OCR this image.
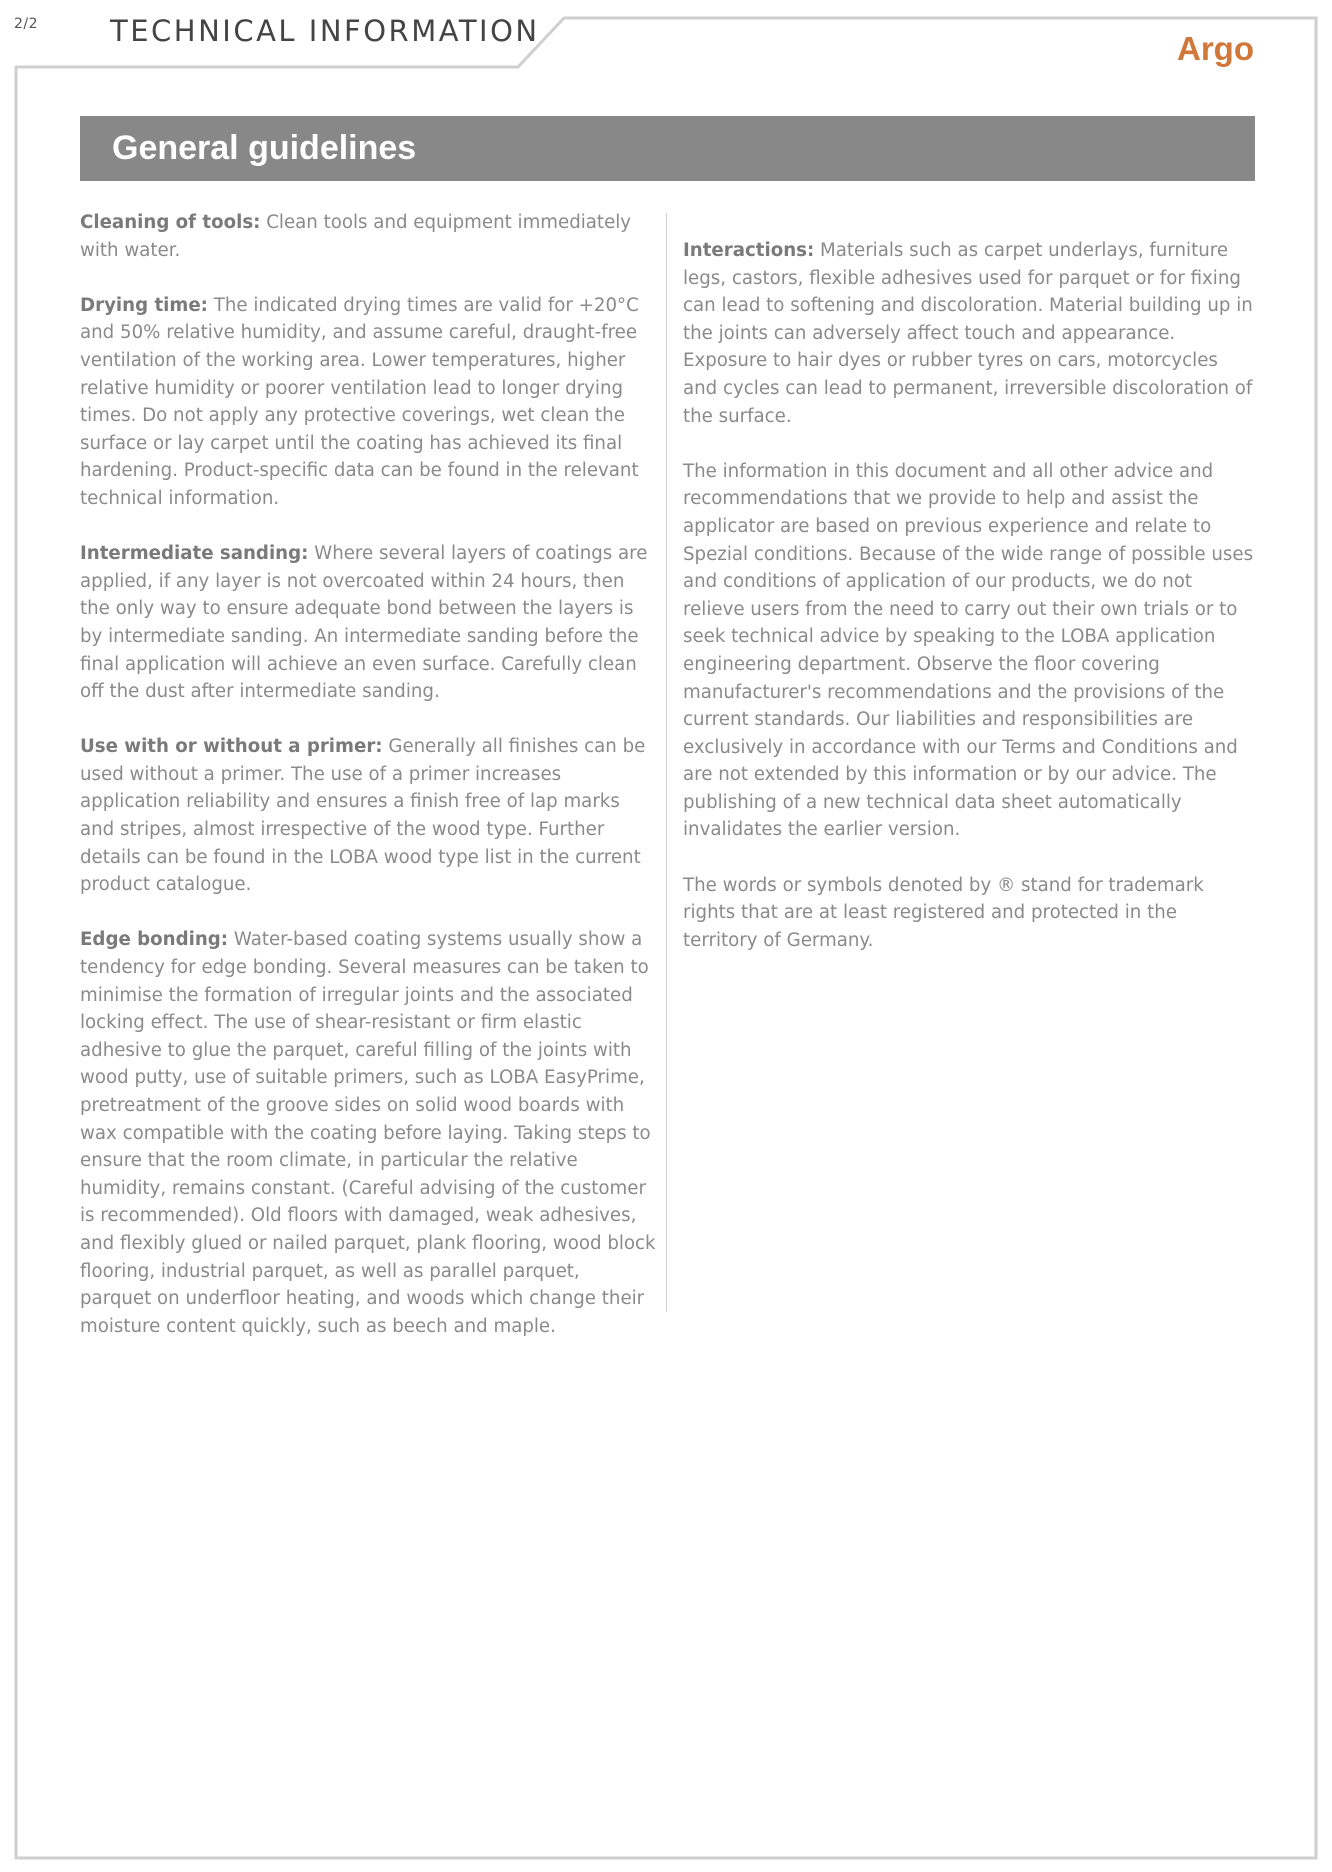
2/2 TECHNICAL INFORMATION	Argo
General guidelines

Cleaning of tools: Clean tools and equipment immediately with water.

Drying time: The indicated drying times are valid for +20°C and 50% relative humidity, and assume careful, draught-free ventilation of the working area. Lower temperatures, higher relative humidity or poorer ventilation lead to longer drying times. Do not apply any protective coverings, wet clean the surface or lay carpet until the coating has achieved its final hardening. Product-specific data can be found in the relevant technical information.

Intermediate sanding: Where several layers of coatings are applied, if any layer is not overcoated within 24 hours, then the only way to ensure adequate bond between the layers is by intermediate sanding. An intermediate sanding before the final application will achieve an even surface. Carefully clean off the dust after intermediate sanding.

Use with or without a primer: Generally all finishes can be used without a primer. The use of a primer increases application reliability and ensures a finish free of lap marks and stripes, almost irrespective of the wood type. Further details can be found in the LOBA wood type list in the current product catalogue.

Edge bonding: Water-based coating systems usually show a tendency for edge bonding. Several measures can be taken to minimise the formation of irregular joints and the associated locking effect. The use of shear-resistant or firm elastic adhesive to glue the parquet, careful filling of the joints with wood putty, use of suitable primers, such as LOBA EasyPrime, pretreatment of the groove sides on solid wood boards with wax compatible with the coating before laying. Taking steps to ensure that the room climate, in particular the relative humidity, remains constant. (Careful advising of the customer is recommended). Old floors with damaged, weak adhesives, and flexibly glued or nailed parquet, plank flooring, wood block flooring, industrial parquet, as well as parallel parquet, parquet on underfloor heating, and woods which change their moisture content quickly, such as beech and maple.

Interactions: Materials such as carpet underlays, furniture legs, castors, flexible adhesives used for parquet or for fixing can lead to softening and discoloration. Material building up in the joints can adversely affect touch and appearance. Exposure to hair dyes or rubber tyres on cars, motorcycles and cycles can lead to permanent, irreversible discoloration of the surface.

The information in this document and all other advice and recommendations that we provide to help and assist the applicator are based on previous experience and relate to Spezial conditions. Because of the wide range of possible uses and conditions of application of our products, we do not relieve users from the need to carry out their own trials or to seek technical advice by speaking to the LOBA application engineering department. Observe the floor covering manufacturer's recommendations and the provisions of the current standards. Our liabilities and responsibilities are exclusively in accordance with our Terms and Conditions and are not extended by this information or by our advice. The publishing of a new technical data sheet automatically invalidates the earlier version.

The words or symbols denoted by ® stand for trademark rights that are at least registered and protected in the territory of Germany.
